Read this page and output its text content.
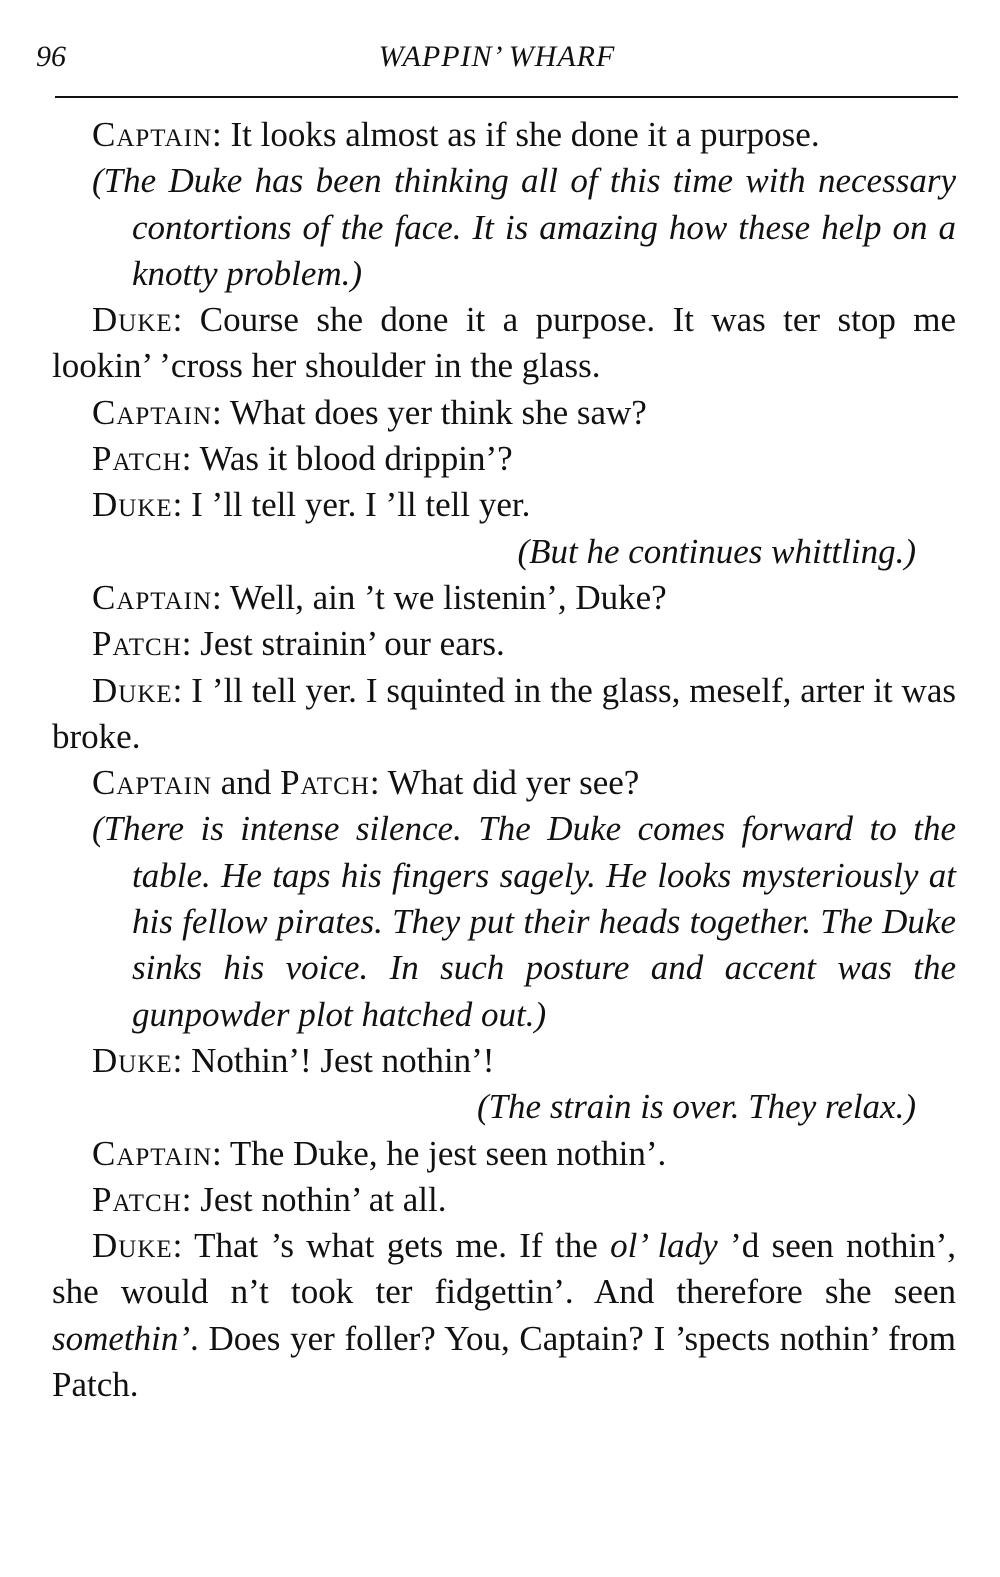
96	WAPPIN’ WHARF

Captain: It looks almost as if she done it a purpose.

(The Duke has been thinking all of this time with necessary contortions of the face. It is amazing how these help on a knotty problem.)

Duke: Course she done it a purpose. It was ter stop me lookin’ ’cross her shoulder in the glass.

Captain: What does yer think she saw?

Patch: Was it blood drippin’?

Duke: I ’ll tell yer. I ’ll tell yer.

(But he continues whittling.)

Captain: Well, ain ’t we listenin’, Duke?

Patch: Jest strainin’ our ears.

Duke: I ’ll tell yer. I squinted in the glass, meself, arter it was broke.

Captain and Patch: What did yer see?

(There is intense silence. The Duke comes forward to the table. He taps his fingers sagely. He looks mysteriously at his fellow pirates. They put their heads together. The Duke sinks his voice. In such posture and accent was the gunpowder plot hatched out.)

Duke: Nothin’! Jest nothin’!

(The strain is over. They relax.)

Captain: The Duke, he jest seen nothin’.

Patch: Jest nothin’ at all.

Duke: That ’s what gets me. If the ol’ lady ’d seen nothin’, she would n’t took ter fidgettin’. And therefore she seen somethin’. Does yer foller? You, Captain? I ’spects nothin’ from Patch.
